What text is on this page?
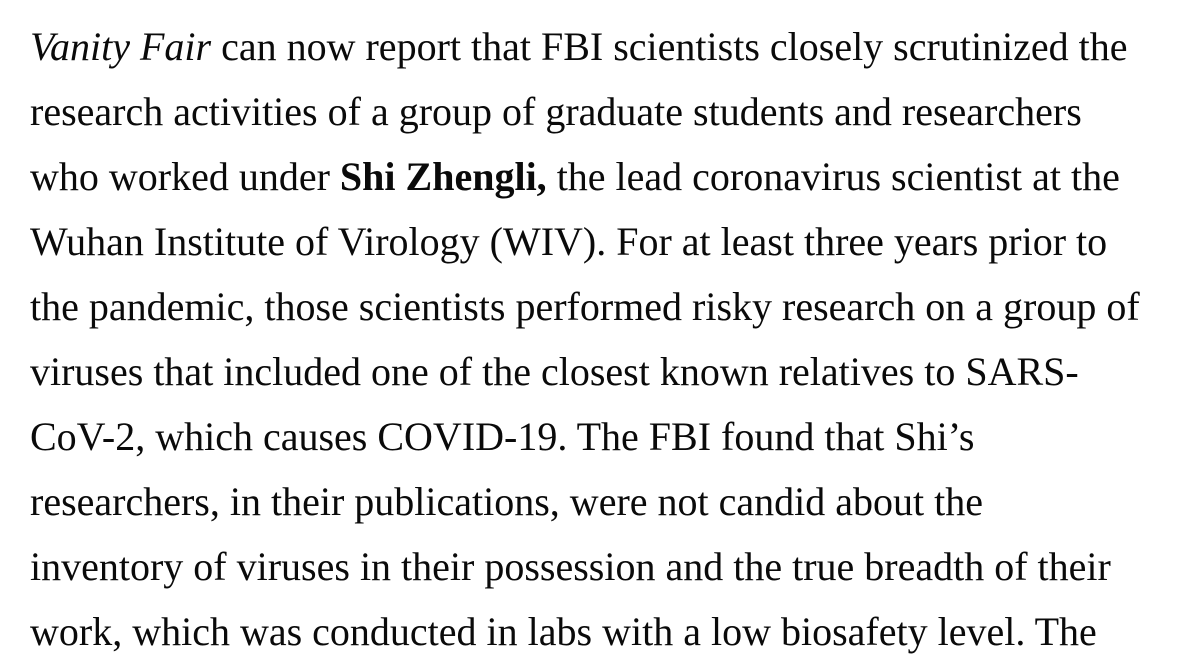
Vanity Fair can now report that FBI scientists closely scrutinized the research activities of a group of graduate students and researchers who worked under Shi Zhengli, the lead coronavirus scientist at the Wuhan Institute of Virology (WIV). For at least three years prior to the pandemic, those scientists performed risky research on a group of viruses that included one of the closest known relatives to SARS-CoV-2, which causes COVID-19. The FBI found that Shi’s researchers, in their publications, were not candid about the inventory of viruses in their possession and the true breadth of their work, which was conducted in labs with a low biosafety level. The
